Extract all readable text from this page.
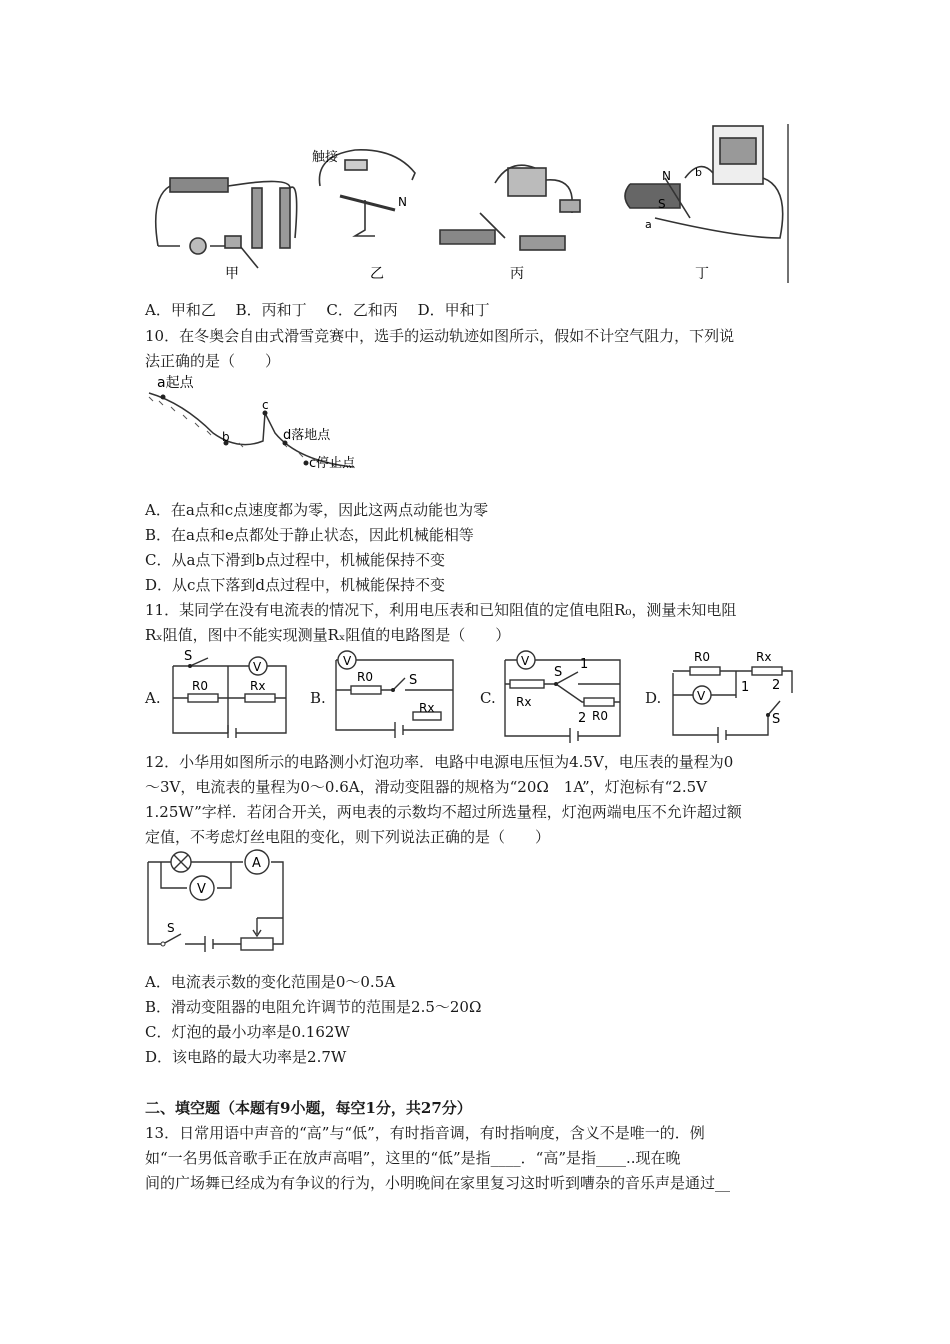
甲
触接
N
乙	丙
N
S
a
b
丁
A．甲和乙　 B．丙和丁　 C．乙和丙　 D．甲和丁
10．在冬奥会自由式滑雪竞赛中，选手的运动轨迹如图所示，假如不计空气阻力，下列说
法正确的是（　　）
a起点
b
c
d落地点
c停止点
A．在a点和c点速度都为零，因此这两点动能也为零
B．在a点和e点都处于静止状态，因此机械能相等
C．从a点下滑到b点过程中，机械能保持不变
D．从c点下落到d点过程中，机械能保持不变
11．某同学在没有电流表的情况下，利用电压表和已知阻值的定值电阻R₀，测量未知电阻
Rₓ阻值，图中不能实现测量Rₓ阻值的电路图是（　　）
A.
S
V
R0	Rx
B.
V
R0	S
Rx
C.
V
S
1
Rx
2 R0
D.
R0	Rx
V
1 2
S
12．小华用如图所示的电路测小灯泡功率．电路中电源电压恒为4.5V，电压表的量程为0
～3V，电流表的量程为0～0.6A，滑动变阻器的规格为“20Ω　1A”，灯泡标有“2.5V
1.25W”字样．若闭合开关，两电表的示数均不超过所选量程，灯泡两端电压不允许超过额
定值，不考虑灯丝电阻的变化，则下列说法正确的是（　　）
A
V
S
A．电流表示数的变化范围是0～0.5A
B．滑动变阻器的电阻允许调节的范围是2.5～20Ω
C．灯泡的最小功率是0.162W
D．该电路的最大功率是2.7W
二、填空题（本题有9小题，每空1分，共27分）
13．日常用语中声音的“高”与“低”，有时指音调，有时指响度，含义不是唯一的．例
如“一名男低音歌手正在放声高唱”，这里的“低”是指____．“高”是指____..现在晚
间的广场舞已经成为有争议的行为，小明晚间在家里复习这时听到嘈杂的音乐声是通过__
